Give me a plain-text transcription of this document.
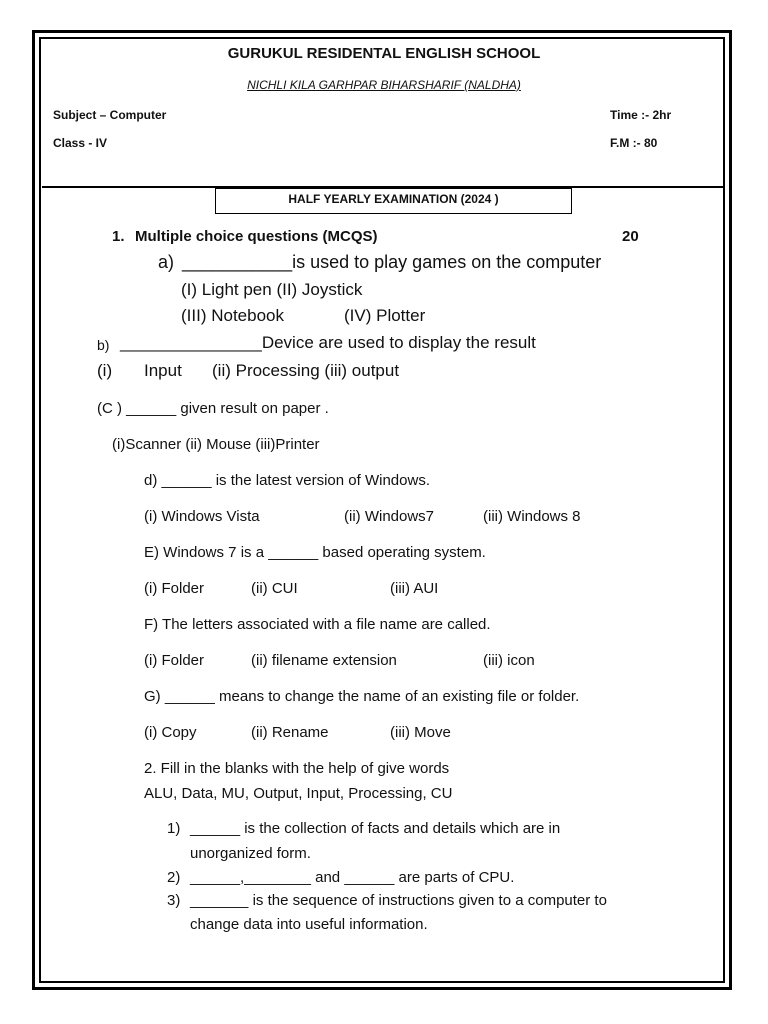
GURUKUL RESIDENTAL ENGLISH SCHOOL
NICHLI KILA GARHPAR BIHARSHARIF (NALDHA)
Subject – Computer	Time :- 2hr
Class - IV	F.M :- 80
HALF YEARLY EXAMINATION (2024 )
1. Multiple choice questions (MCQS)	20
a) ___________is used to play games on the computer
(I) Light pen (II) Joystick
(III) Notebook	(IV) Plotter
b) _______________Device are used to display the result
(i) Input (ii) Processing (iii) output
(C ) ______ given result on paper .
(i)Scanner (ii) Mouse (iii)Printer
d) ______ is the latest version of Windows.
(i) Windows Vista	(ii) Windows7	(iii) Windows 8
E) Windows 7 is a ______ based operating system.
(i) Folder	(ii) CUI	(iii) AUI
F) The letters associated with a file name are called.
(i) Folder	(ii) filename extension	(iii) icon
G) ______ means to change the name of an existing file or folder.
(i) Copy	(ii) Rename	(iii) Move
2. Fill in the blanks with the help of give words
ALU, Data, MU, Output, Input, Processing, CU
1) ______ is the collection of facts and details which are in
unorganized form.
2) ______,________ and ______ are parts of CPU.
3) _______ is the sequence of instructions given to a computer to
change data into useful information.
